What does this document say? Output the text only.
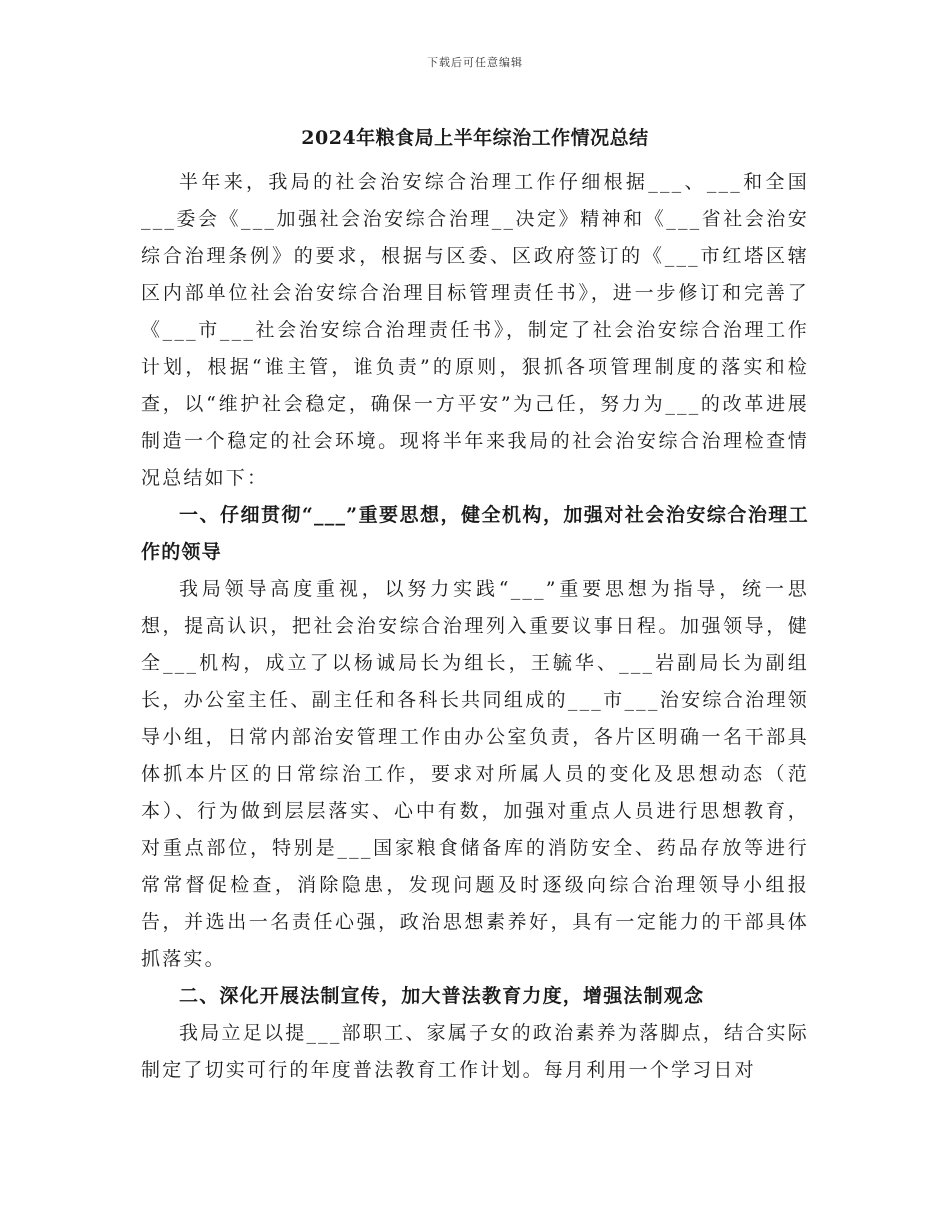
下载后可任意编辑
2024年粮食局上半年综治工作情况总结

半年来，我局的社会治安综合治理工作仔细根据___、___和全国___委会《___加强社会治安综合治理__决定》精神和《___省社会治安综合治理条例》的要求，根据与区委、区政府签订的《___市红塔区辖区内部单位社会治安综合治理目标管理责任书》，进一步修订和完善了《___市___社会治安综合治理责任书》，制定了社会治安综合治理工作计划，根据“谁主管，谁负责”的原则，狠抓各项管理制度的落实和检查，以“维护社会稳定，确保一方平安”为己任，努力为___的改革进展制造一个稳定的社会环境。现将半年来我局的社会治安综合治理检查情况总结如下：

一、仔细贯彻“___”重要思想，健全机构，加强对社会治安综合治理工作的领导

我局领导高度重视，以努力实践“___”重要思想为指导，统一思想，提高认识，把社会治安综合治理列入重要议事日程。加强领导，健全___机构，成立了以杨诚局长为组长，王毓华、___岩副局长为副组长，办公室主任、副主任和各科长共同组成的___市___治安综合治理领导小组，日常内部治安管理工作由办公室负责，各片区明确一名干部具体抓本片区的日常综治工作，要求对所属人员的变化及思想动态（范本）、行为做到层层落实、心中有数，加强对重点人员进行思想教育，对重点部位，特别是___国家粮食储备库的消防安全、药品存放等进行常常督促检查，消除隐患，发现问题及时逐级向综合治理领导小组报告，并选出一名责任心强，政治思想素养好，具有一定能力的干部具体抓落实。

二、深化开展法制宣传，加大普法教育力度，增强法制观念

我局立足以提___部职工、家属子女的政治素养为落脚点，结合实际制定了切实可行的年度普法教育工作计划。每月利用一个学习日对
